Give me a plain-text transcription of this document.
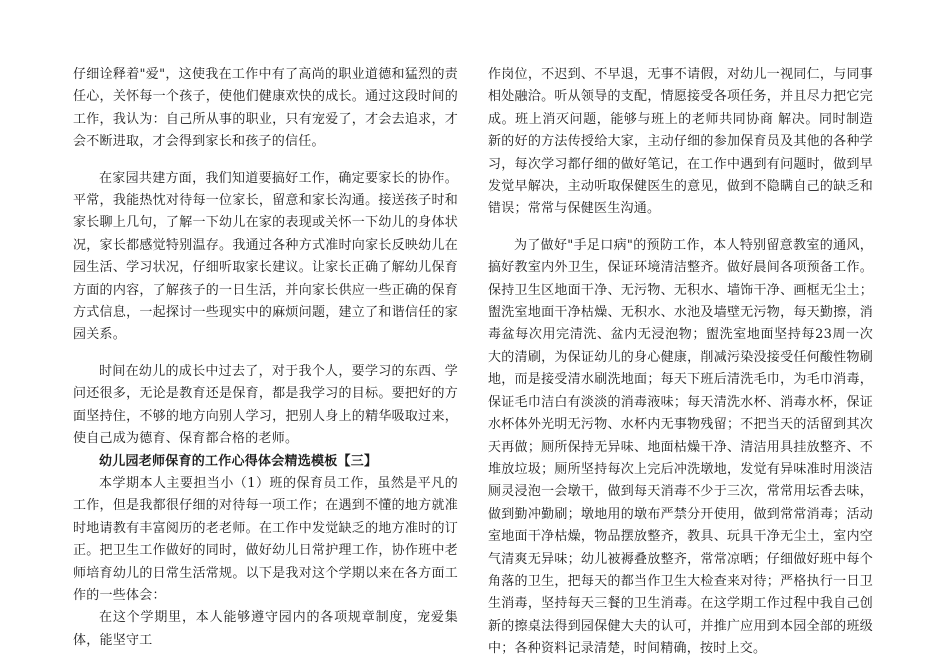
仔细诠释着"爱"，这使我在工作中有了高尚的职业道德和猛烈的责任心，关怀每一个孩子，使他们健康欢快的成长。通过这段时间的工作，我认为：自己所从事的职业，只有宠爱了，才会去追求，才会不断进取，才会得到家长和孩子的信任。

在家园共建方面，我们知道要搞好工作，确定要家长的协作。平常，我能热忱对待每一位家长，留意和家长沟通。接送孩子时和家长聊上几句，了解一下幼儿在家的表现或关怀一下幼儿的身体状况，家长都感觉特别温存。我通过各种方式准时向家长反映幼儿在园生活、学习状况，仔细听取家长建议。让家长正确了解幼儿保育方面的内容，了解孩子的一日生活，并向家长供应一些正确的保育方式信息，一起探讨一些现实中的麻烦问题，建立了和谐信任的家园关系。

时间在幼儿的成长中过去了，对于我个人，要学习的东西、学问还很多，无论是教育还是保育，都是我学习的目标。要把好的方面坚持住，不够的地方向别人学习，把别人身上的精华吸取过来，使自己成为德育、保育都合格的老师。

幼儿园老师保育的工作心得体会精选模板【三】

本学期本人主要担当小（1）班的保育员工作，虽然是平凡的工作，但是我都很仔细的对待每一项工作；在遇到不懂的地方就准时地请教有丰富阅历的老老师。在工作中发觉缺乏的地方准时的订正。把卫生工作做好的同时，做好幼儿日常护理工作，协作班中老师培育幼儿的日常生活常规。以下是我对这个学期以来在各方面工作的一些体会：

在这个学期里，本人能够遵守园内的各项规章制度，宠爱集体，能坚守工

作岗位，不迟到、不早退，无事不请假，对幼儿一视同仁，与同事相处融洽。听从领导的支配，情愿接受各项任务，并且尽力把它完成。班上消灭问题，能够与班上的老师共同协商 解决。同时制造新的好的方法传授给大家，主动仔细的参加保育员及其他的各种学习，每次学习都仔细的做好笔记，在工作中遇到有问题时，做到早发觉早解决，主动听取保健医生的意见，做到不隐瞒自己的缺乏和错误；常常与保健医生沟通。

为了做好"手足口病"的预防工作，本人特别留意教室的通风，搞好教室内外卫生，保证环境清洁整齐。做好晨间各项预备工作。保持卫生区地面干净、无污物、无积水、墙饰干净、画框无尘土；盥洗室地面干净枯燥、无积水、水池及墙壁无污物，每天勤擦，消毒盆每次用完清洗、盆内无浸泡物；盥洗室地面坚持每23周一次大的清刷，为保证幼儿的身心健康，削减污染没接受任何酸性物刷地，而是接受清水刷洗地面；每天下班后清洗毛巾，为毛巾消毒，保证毛巾洁白有淡淡的消毒液味；每天清洗水杯、消毒水杯，保证水杯体外光明无污物、水杯内无事物残留；不把当天的活留到其次天再做；厕所保持无异味、地面枯燥干净、清洁用具挂放整齐、不堆放垃圾；厕所坚持每次上完后冲洗墩地，发觉有异味准时用淡洁厕灵浸泡一会墩干，做到每天消毒不少于三次，常常用坛香去味，做到勤冲勤刷；墩地用的墩布严禁分开使用，做到常常消毒；活动室地面干净枯燥，物品摆放整齐，教具、玩具干净无尘土，室内空气清爽无异味；幼儿被褥叠放整齐，常常凉晒；仔细做好班中每个角落的卫生，把每天的都当作卫生大检查来对待；严格执行一日卫生消毒，坚持每天三餐的卫生消毒。在这学期工作过程中我自己创新的擦桌法得到园保健大夫的认可，并推广应用到本园全部的班级中；各种资料记录清楚，时间精确，按时上交。
